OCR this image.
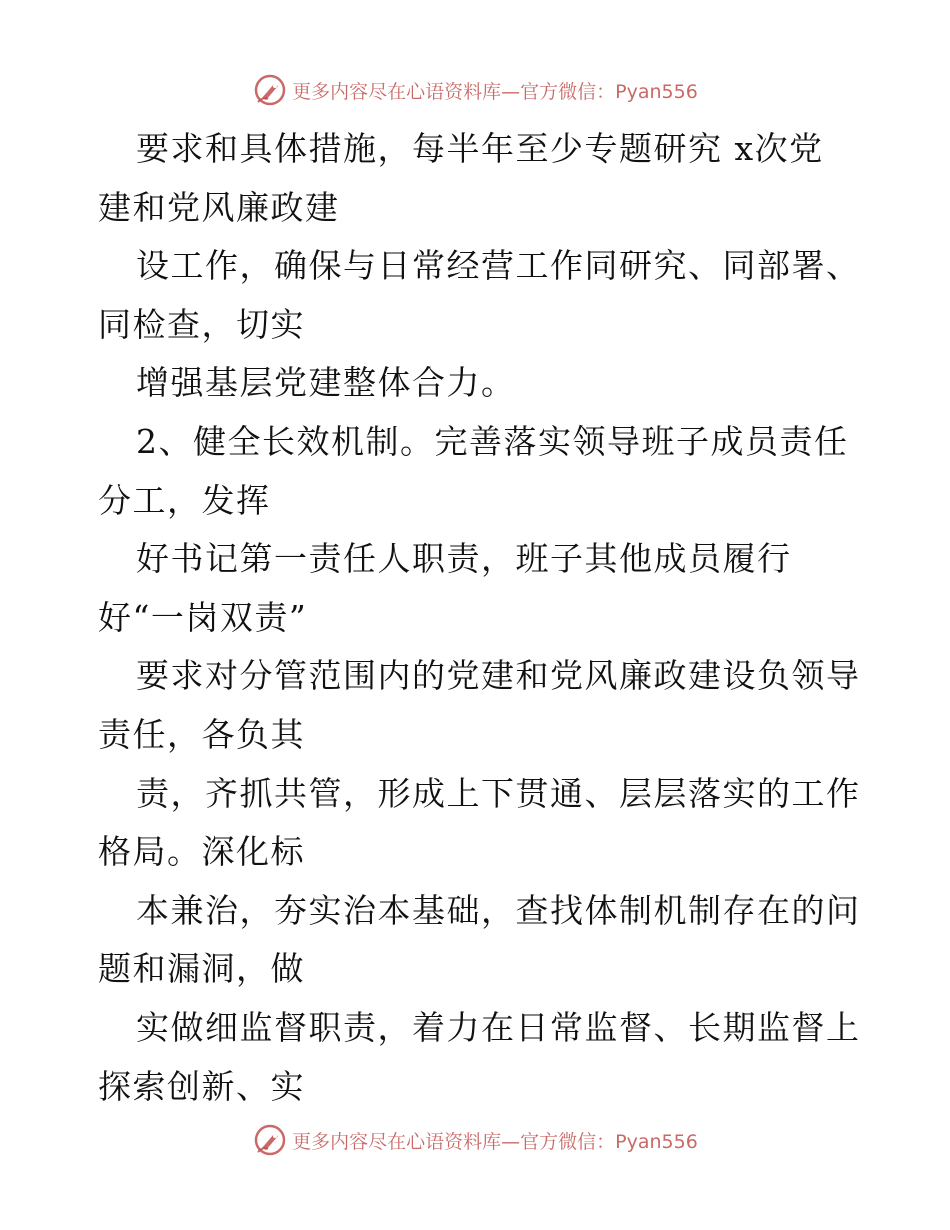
更多内容尽在心语资料库—官方微信：Pyan556
要求和具体措施，每半年至少专题研究 x次党
建和党风廉政建
设工作，确保与日常经营工作同研究、同部署、
同检查，切实
增强基层党建整体合力。
2、健全长效机制。完善落实领导班子成员责任
分工，发挥
好书记第一责任人职责，班子其他成员履行
好“一岗双责”
要求对分管范围内的党建和党风廉政建设负领导
责任，各负其
责，齐抓共管，形成上下贯通、层层落实的工作
格局。深化标
本兼治，夯实治本基础，查找体制机制存在的问
题和漏洞，做
实做细监督职责，着力在日常监督、长期监督上
探索创新、实
更多内容尽在心语资料库—官方微信：Pyan556
